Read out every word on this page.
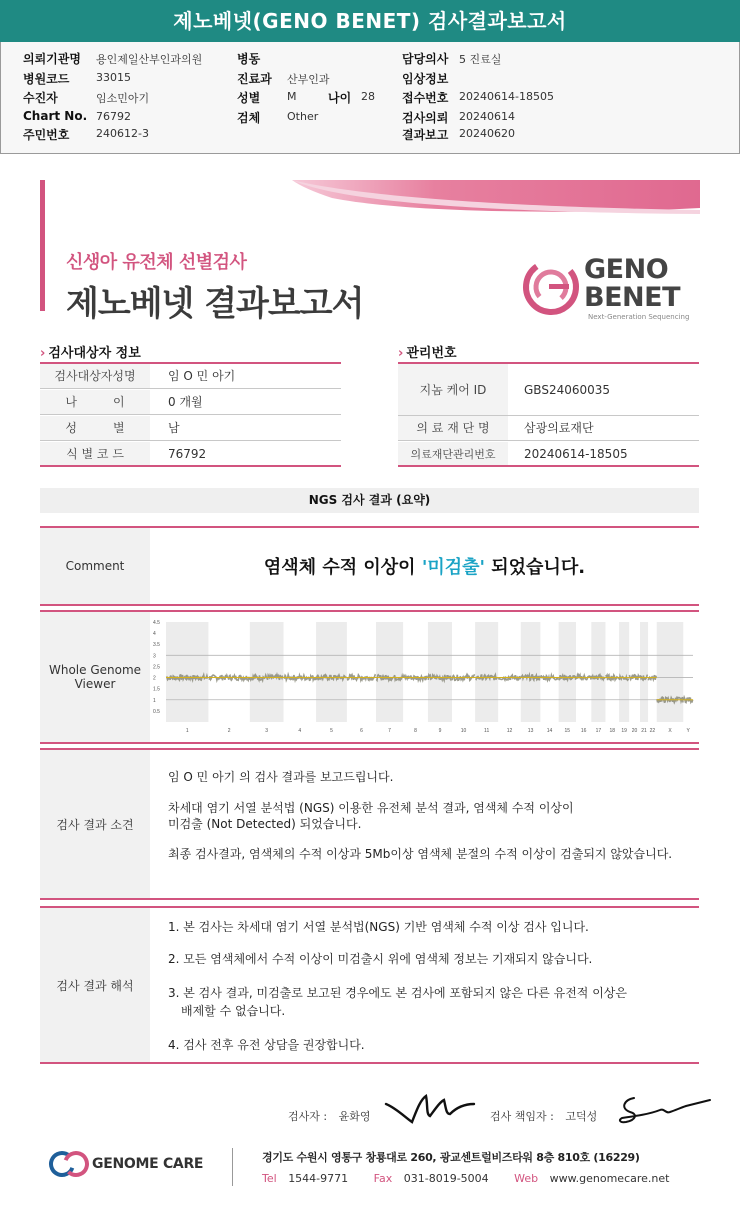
제노베넷(GENO BENET) 검사결과보고서
의뢰기관명 용인제일산부인과의원
병원코드 33015
수진자	임소민아기
Chart No. 76792
주민번호 240612-3
병동
진료과 산부인과
성별 M	나이 28
검체 Other
담당의사 5 진료실
임상정보
접수번호 20240614-18505
검사의뢰 20240614
결과보고 20240620
신생아 유전체 선별검사
제노베넷 결과보고서
GENO
BENET
Next-Generation Sequencing
› 검사대상자 정보
검사대상자성명	임 O 민 아기
나　　　이	0 개월
성　　　별	남
식 별 코 드	76792
› 관리번호
지놈 케어 ID	GBS24060035
의 료 재 단 명	삼광의료재단
의료재단관리번호	20240614-18505
NGS 검사 결과 (요약)
Comment	염색체 수적 이상이 '미검출' 되었습니다.
Whole Genome Viewer
0.5
1
1.5
2
2.5
3
3.5
4
4.5
1	2	3	4	5	6	7	8	9	10	11	12	13	14 15 16 17 18 19 20 21 22	X	Y
검사 결과 소견
임 O 민 아기 의 검사 결과를 보고드립니다.
차세대 염기 서열 분석법 (NGS) 이용한 유전체 분석 결과, 염색체 수적 이상이
미검출 (Not Detected) 되었습니다.
최종 검사결과, 염색체의 수적 이상과 5Mb이상 염색체 분절의 수적 이상이 검출되지 않았습니다.
검사 결과 해석
1. 본 검사는 차세대 염기 서열 분석법(NGS) 기반 염색체 수적 이상 검사 입니다.
2. 모든 염색체에서 수적 이상이 미검출시 위에 염색체 정보는 기재되지 않습니다.
3. 본 검사 결과, 미검출로 보고된 경우에도 본 검사에 포함되지 않은 다른 유전적 이상은
배제할 수 없습니다.
4. 검사 전후 유전 상담을 권장합니다.
검사자 : 윤화영	검사 책임자 : 고덕성
GENOME CARE	경기도 수원시 영통구 창룡대로 260, 광교센트럴비즈타워 8층 810호 (16229)
Tel 1544-9771 Fax 031-8019-5004 Web www.genomecare.net
